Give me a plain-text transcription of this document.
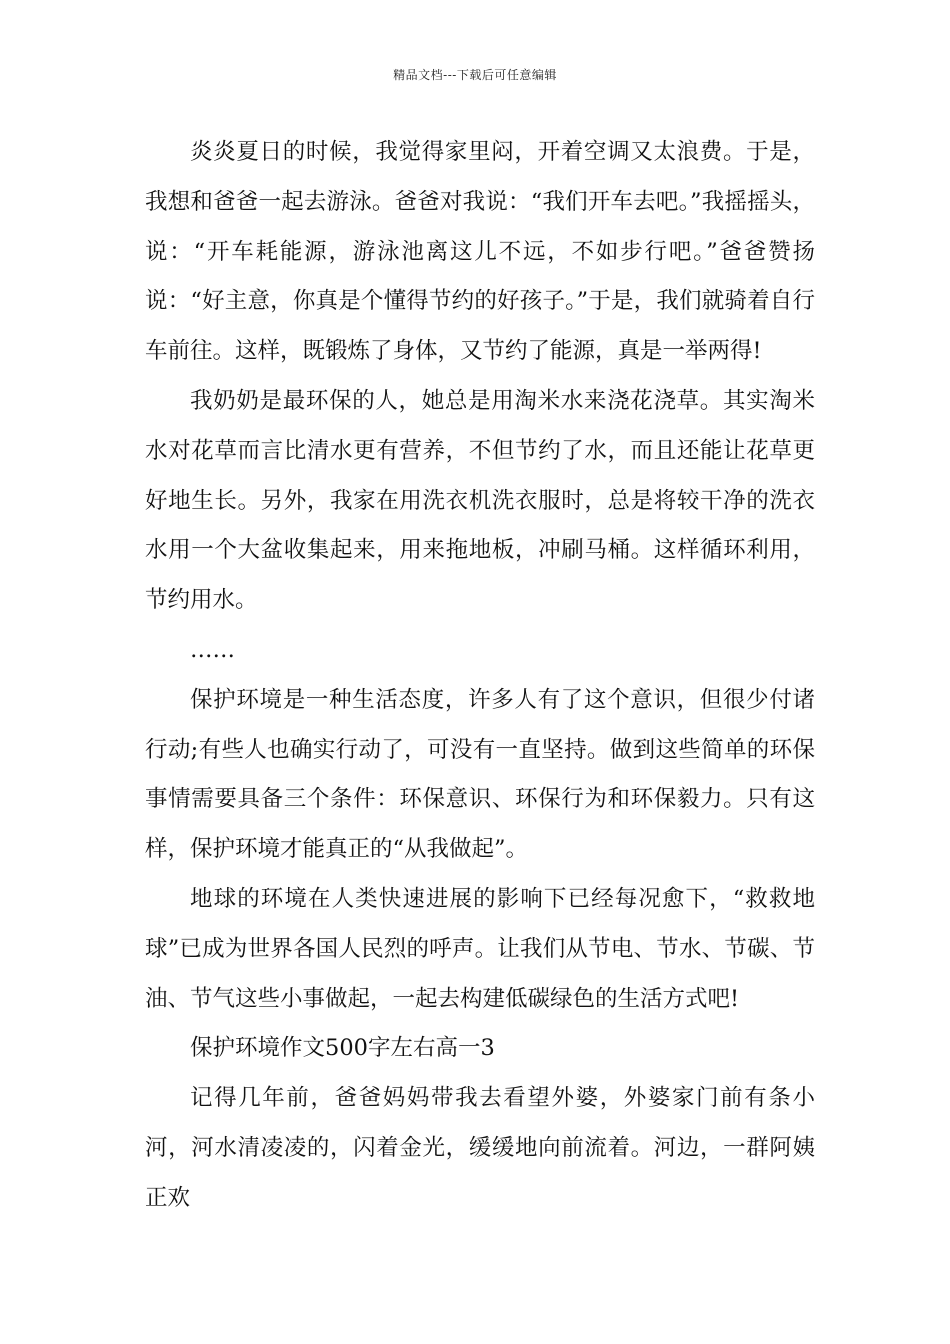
精品文档---下载后可任意编辑

炎炎夏日的时候，我觉得家里闷，开着空调又太浪费。于是，我想和爸爸一起去游泳。爸爸对我说：“我们开车去吧。”我摇摇头，说：“开车耗能源，游泳池离这儿不远，不如步行吧。”爸爸赞扬说：“好主意，你真是个懂得节约的好孩子。”于是，我们就骑着自行车前往。这样，既锻炼了身体，又节约了能源，真是一举两得!

我奶奶是最环保的人，她总是用淘米水来浇花浇草。其实淘米水对花草而言比清水更有营养，不但节约了水，而且还能让花草更好地生长。另外，我家在用洗衣机洗衣服时，总是将较干净的洗衣水用一个大盆收集起来，用来拖地板，冲刷马桶。这样循环利用，节约用水。

……

保护环境是一种生活态度，许多人有了这个意识，但很少付诸行动;有些人也确实行动了，可没有一直坚持。做到这些简单的环保事情需要具备三个条件：环保意识、环保行为和环保毅力。只有这样，保护环境才能真正的“从我做起”。

地球的环境在人类快速进展的影响下已经每况愈下，“救救地球”已成为世界各国人民烈的呼声。让我们从节电、节水、节碳、节油、节气这些小事做起，一起去构建低碳绿色的生活方式吧!

保护环境作文500字左右高一3

记得几年前，爸爸妈妈带我去看望外婆，外婆家门前有条小河，河水清凌凌的，闪着金光，缓缓地向前流着。河边，一群阿姨正欢
